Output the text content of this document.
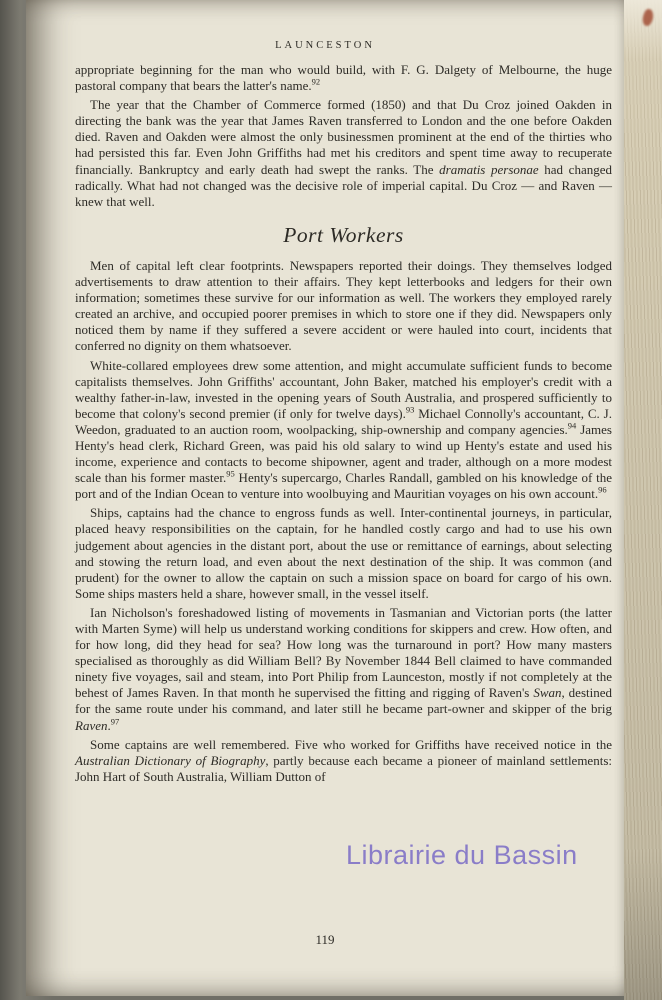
LAUNCESTON

appropriate beginning for the man who would build, with F. G. Dalgety of Melbourne, the huge pastoral company that bears the latter's name.$^{92}$

The year that the Chamber of Commerce formed (1850) and that Du Croz joined Oakden in directing the bank was the year that James Raven transferred to London and the one before Oakden died. Raven and Oakden were almost the only businessmen prominent at the end of the thirties who had persisted this far. Even John Griffiths had met his creditors and spent time away to recuperate financially. Bankruptcy and early death had swept the ranks. The dramatis personae had changed radically. What had not changed was the decisive role of imperial capital. Du Croz — and Raven — knew that well.

Port Workers

Men of capital left clear footprints. Newspapers reported their doings. They themselves lodged advertisements to draw attention to their affairs. They kept letterbooks and ledgers for their own information; sometimes these survive for our information as well. The workers they employed rarely created an archive, and occupied poorer premises in which to store one if they did. Newspapers only noticed them by name if they suffered a severe accident or were hauled into court, incidents that conferred no dignity on them whatsoever.

White-collared employees drew some attention, and might accumulate sufficient funds to become capitalists themselves. John Griffiths' accountant, John Baker, matched his employer's credit with a wealthy father-in-law, invested in the opening years of South Australia, and prospered sufficiently to become that colony's second premier (if only for twelve days).$^{93}$ Michael Connolly's accountant, C. J. Weedon, graduated to an auction room, woolpacking, ship-ownership and company agencies.$^{94}$ James Henty's head clerk, Richard Green, was paid his old salary to wind up Henty's estate and used his income, experience and contacts to become shipowner, agent and trader, although on a more modest scale than his former master.$^{95}$ Henty's supercargo, Charles Randall, gambled on his knowledge of the port and of the Indian Ocean to venture into woolbuying and Mauritian voyages on his own account.$^{96}$

Ships, captains had the chance to engross funds as well. Inter-continental journeys, in particular, placed heavy responsibilities on the captain, for he handled costly cargo and had to use his own judgement about agencies in the distant port, about the use or remittance of earnings, about selecting and stowing the return load, and even about the next destination of the ship. It was common (and prudent) for the owner to allow the captain on such a mission space on board for cargo of his own. Some ships masters held a share, however small, in the vessel itself.

Ian Nicholson's foreshadowed listing of movements in Tasmanian and Victorian ports (the latter with Marten Syme) will help us understand working conditions for skippers and crew. How often, and for how long, did they head for sea? How long was the turnaround in port? How many masters specialised as thoroughly as did William Bell? By November 1844 Bell claimed to have commanded ninety five voyages, sail and steam, into Port Philip from Launceston, mostly if not completely at the behest of James Raven. In that month he supervised the fitting and rigging of Raven's Swan, destined for the same route under his command, and later still he became part-owner and skipper of the brig Raven.$^{97}$

Some captains are well remembered. Five who worked for Griffiths have received notice in the Australian Dictionary of Biography, partly because each became a pioneer of mainland settlements: John Hart of South Australia, William Dutton of

119
Librairie du Bassin
